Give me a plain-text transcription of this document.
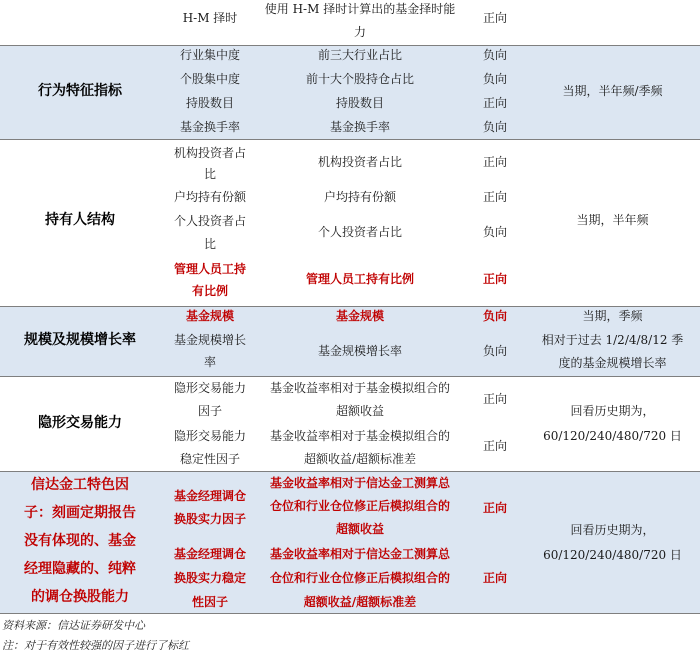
H-M 择时
使用 H-M 择时计算出的基金择时能
力
正向
行为特征指标
行业集中度
个股集中度
持股数目
基金换手率
前三大行业占比
前十大个股持仓占比
持股数目
基金换手率
负向
负向
正向
负向
当期，半年频/季频
持有人结构
机构投资者占
比
户均持有份额
个人投资者占
比
管理人员工持
有比例
机构投资者占比
户均持有份额
个人投资者占比
管理人员工持有比例
正向
正向
负向
正向
当期，半年频
规模及规模增长率
基金规模
基金规模增长
率
基金规模
基金规模增长率
负向
负向
当期，季频
相对于过去 1/2/4/8/12 季
度的基金规模增长率
隐形交易能力
隐形交易能力
因子
隐形交易能力
稳定性因子
基金收益率相对于基金模拟组合的
超额收益
基金收益率相对于基金模拟组合的
超额收益/超额标准差
正向
正向
回看历史期为，
60/120/240/480/720 日
信达金工特色因
子：刻画定期报告
没有体现的、基金
经理隐藏的、纯粹
的调仓换股能力
基金经理调仓
换股实力因子
基金经理调仓
换股实力稳定
性因子
基金收益率相对于信达金工测算总
仓位和行业仓位修正后模拟组合的
超额收益
基金收益率相对于信达金工测算总
仓位和行业仓位修正后模拟组合的
超额收益/超额标准差
正向
正向
回看历史期为，
60/120/240/480/720 日
资料来源：信达证券研发中心
注：对于有效性较强的因子进行了标红
